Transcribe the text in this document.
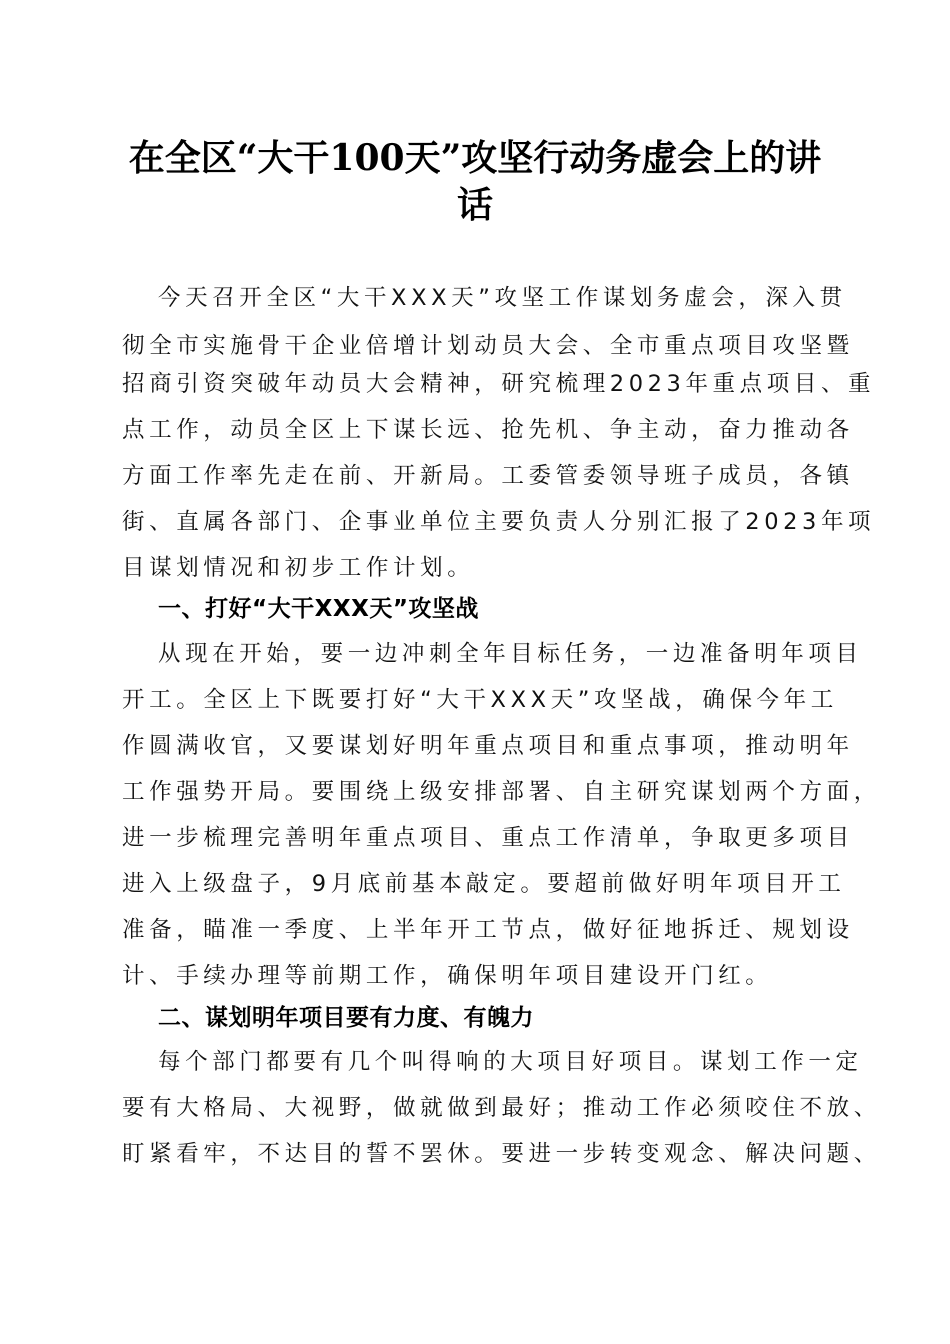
在全区“大干100天”攻坚行动务虚会上的讲
话
今天召开全区“大干XXX天”攻坚工作谋划务虚会，深入贯
彻全市实施骨干企业倍增计划动员大会、全市重点项目攻坚暨
招商引资突破年动员大会精神，研究梳理2023年重点项目、重
点工作，动员全区上下谋长远、抢先机、争主动，奋力推动各
方面工作率先走在前、开新局。工委管委领导班子成员，各镇
街、直属各部门、企事业单位主要负责人分别汇报了2023年项
目谋划情况和初步工作计划。
一、打好“大干XXX天”攻坚战
从现在开始，要一边冲刺全年目标任务，一边准备明年项目
开工。全区上下既要打好“大干XXX天”攻坚战，确保今年工
作圆满收官，又要谋划好明年重点项目和重点事项，推动明年
工作强势开局。要围绕上级安排部署、自主研究谋划两个方面，
进一步梳理完善明年重点项目、重点工作清单，争取更多项目
进入上级盘子，9月底前基本敲定。要超前做好明年项目开工
准备，瞄准一季度、上半年开工节点，做好征地拆迁、规划设
计、手续办理等前期工作，确保明年项目建设开门红。
二、谋划明年项目要有力度、有魄力
每个部门都要有几个叫得响的大项目好项目。谋划工作一定
要有大格局、大视野，做就做到最好；推动工作必须咬住不放、
盯紧看牢，不达目的誓不罢休。要进一步转变观念、解决问题、
